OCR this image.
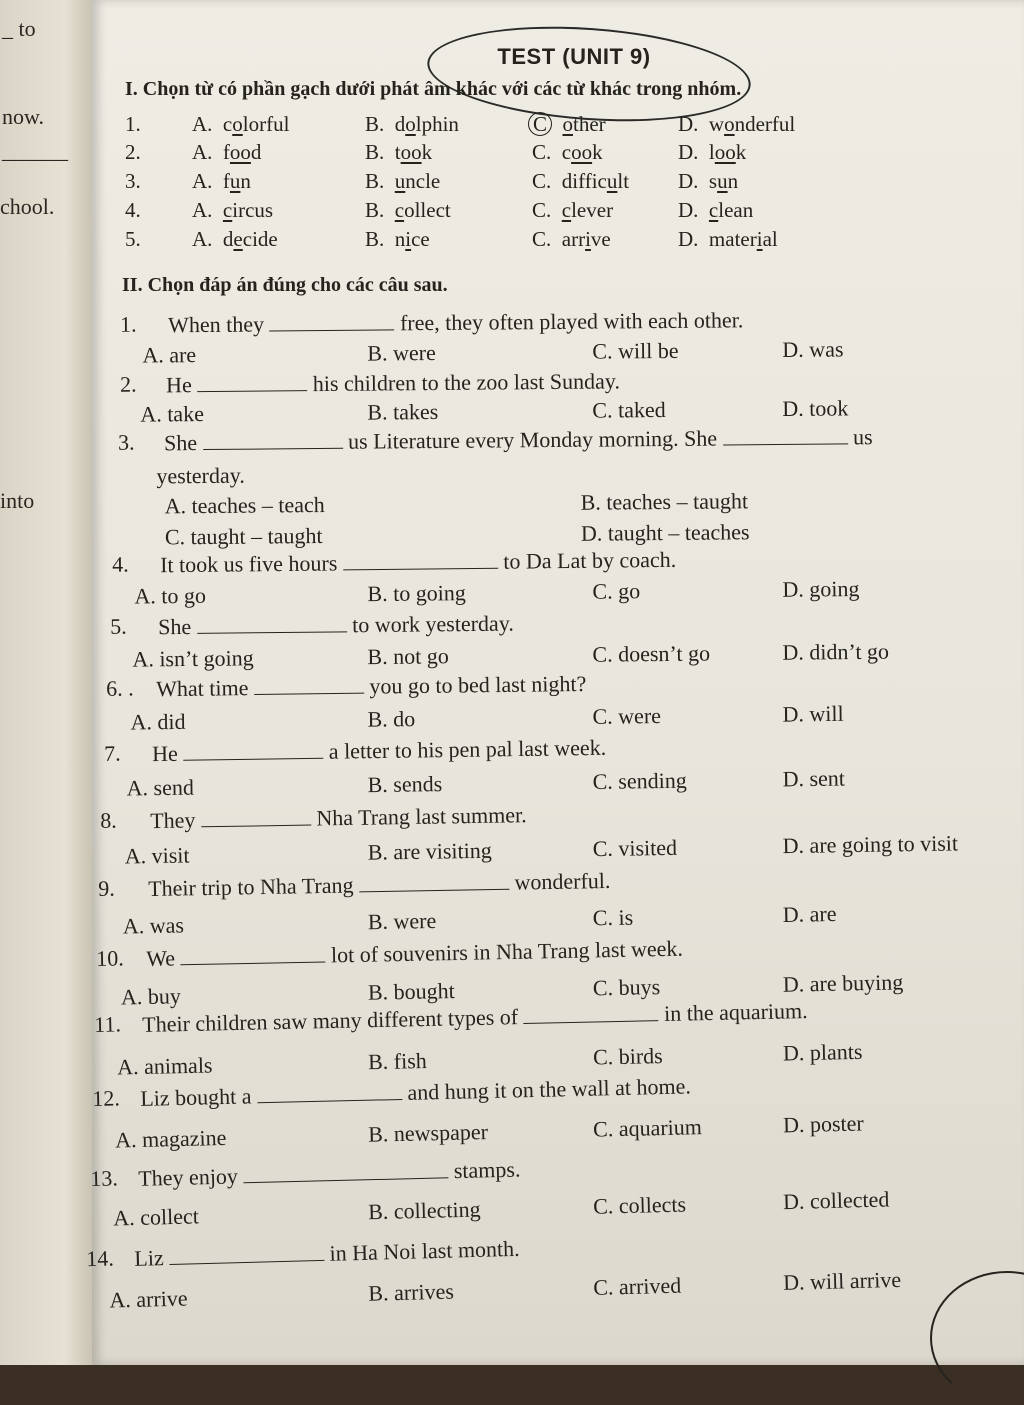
_ to
now.
______
chool.
into
TEST (UNIT 9)
I. Chọn từ có phần gạch dưới phát âm khác với các từ khác trong nhóm.
1. A. colorful	B. dolphin	C other	D. wonderful
2. A. food	B. took	C. cook	D. look
3. A. fun	B. uncle	C. difficult D. sun
4. A. circus	B. collect	C. clever	D. clean
5. A. decide	B. nice	C. arrive	D. material
II. Chọn đáp án đúng cho các câu sau.
1. When they	free, they often played with each other.
A. are	B. were	C. will be	D. was
2. He	his children to the zoo last Sunday.
A. take	B. takes	C. taked	D. took
3. She	us Literature every Monday morning. She	us
yesterday.
A. teaches – teach	B. teaches – taught
C. taught – taught	D. taught – teaches
4. It took us five hours	to Da Lat by coach.
A. to go	B. to going	C. go	D. going
5. She	to work yesterday.
A. isn’t going	B. not go	C. doesn’t go	D. didn’t go
6. . What time	you go to bed last night?
A. did	B. do	C. were	D. will
7. He	a letter to his pen pal last week.
A. send	B. sends	C. sending	D. sent
8. They	Nha Trang last summer.
A. visit	B. are visiting	C. visited	D. are going to visit
9. Their trip to Nha Trang	wonderful.
A. was	B. were	C. is	D. are
10. We	lot of souvenirs in Nha Trang last week.
A. buy	B. bought	C. buys	D. are buying
11. Their children saw many different types of	in the aquarium.
A. animals	B. fish	C. birds	D. plants
12. Liz bought a	and hung it on the wall at home.
A. magazine	B. newspaper	C. aquarium	D. poster
13. They enjoy	stamps.
A. collect	B. collecting	C. collects	D. collected
14. Liz	in Ha Noi last month.
A. arrive	B. arrives	C. arrived	D. will arrive
